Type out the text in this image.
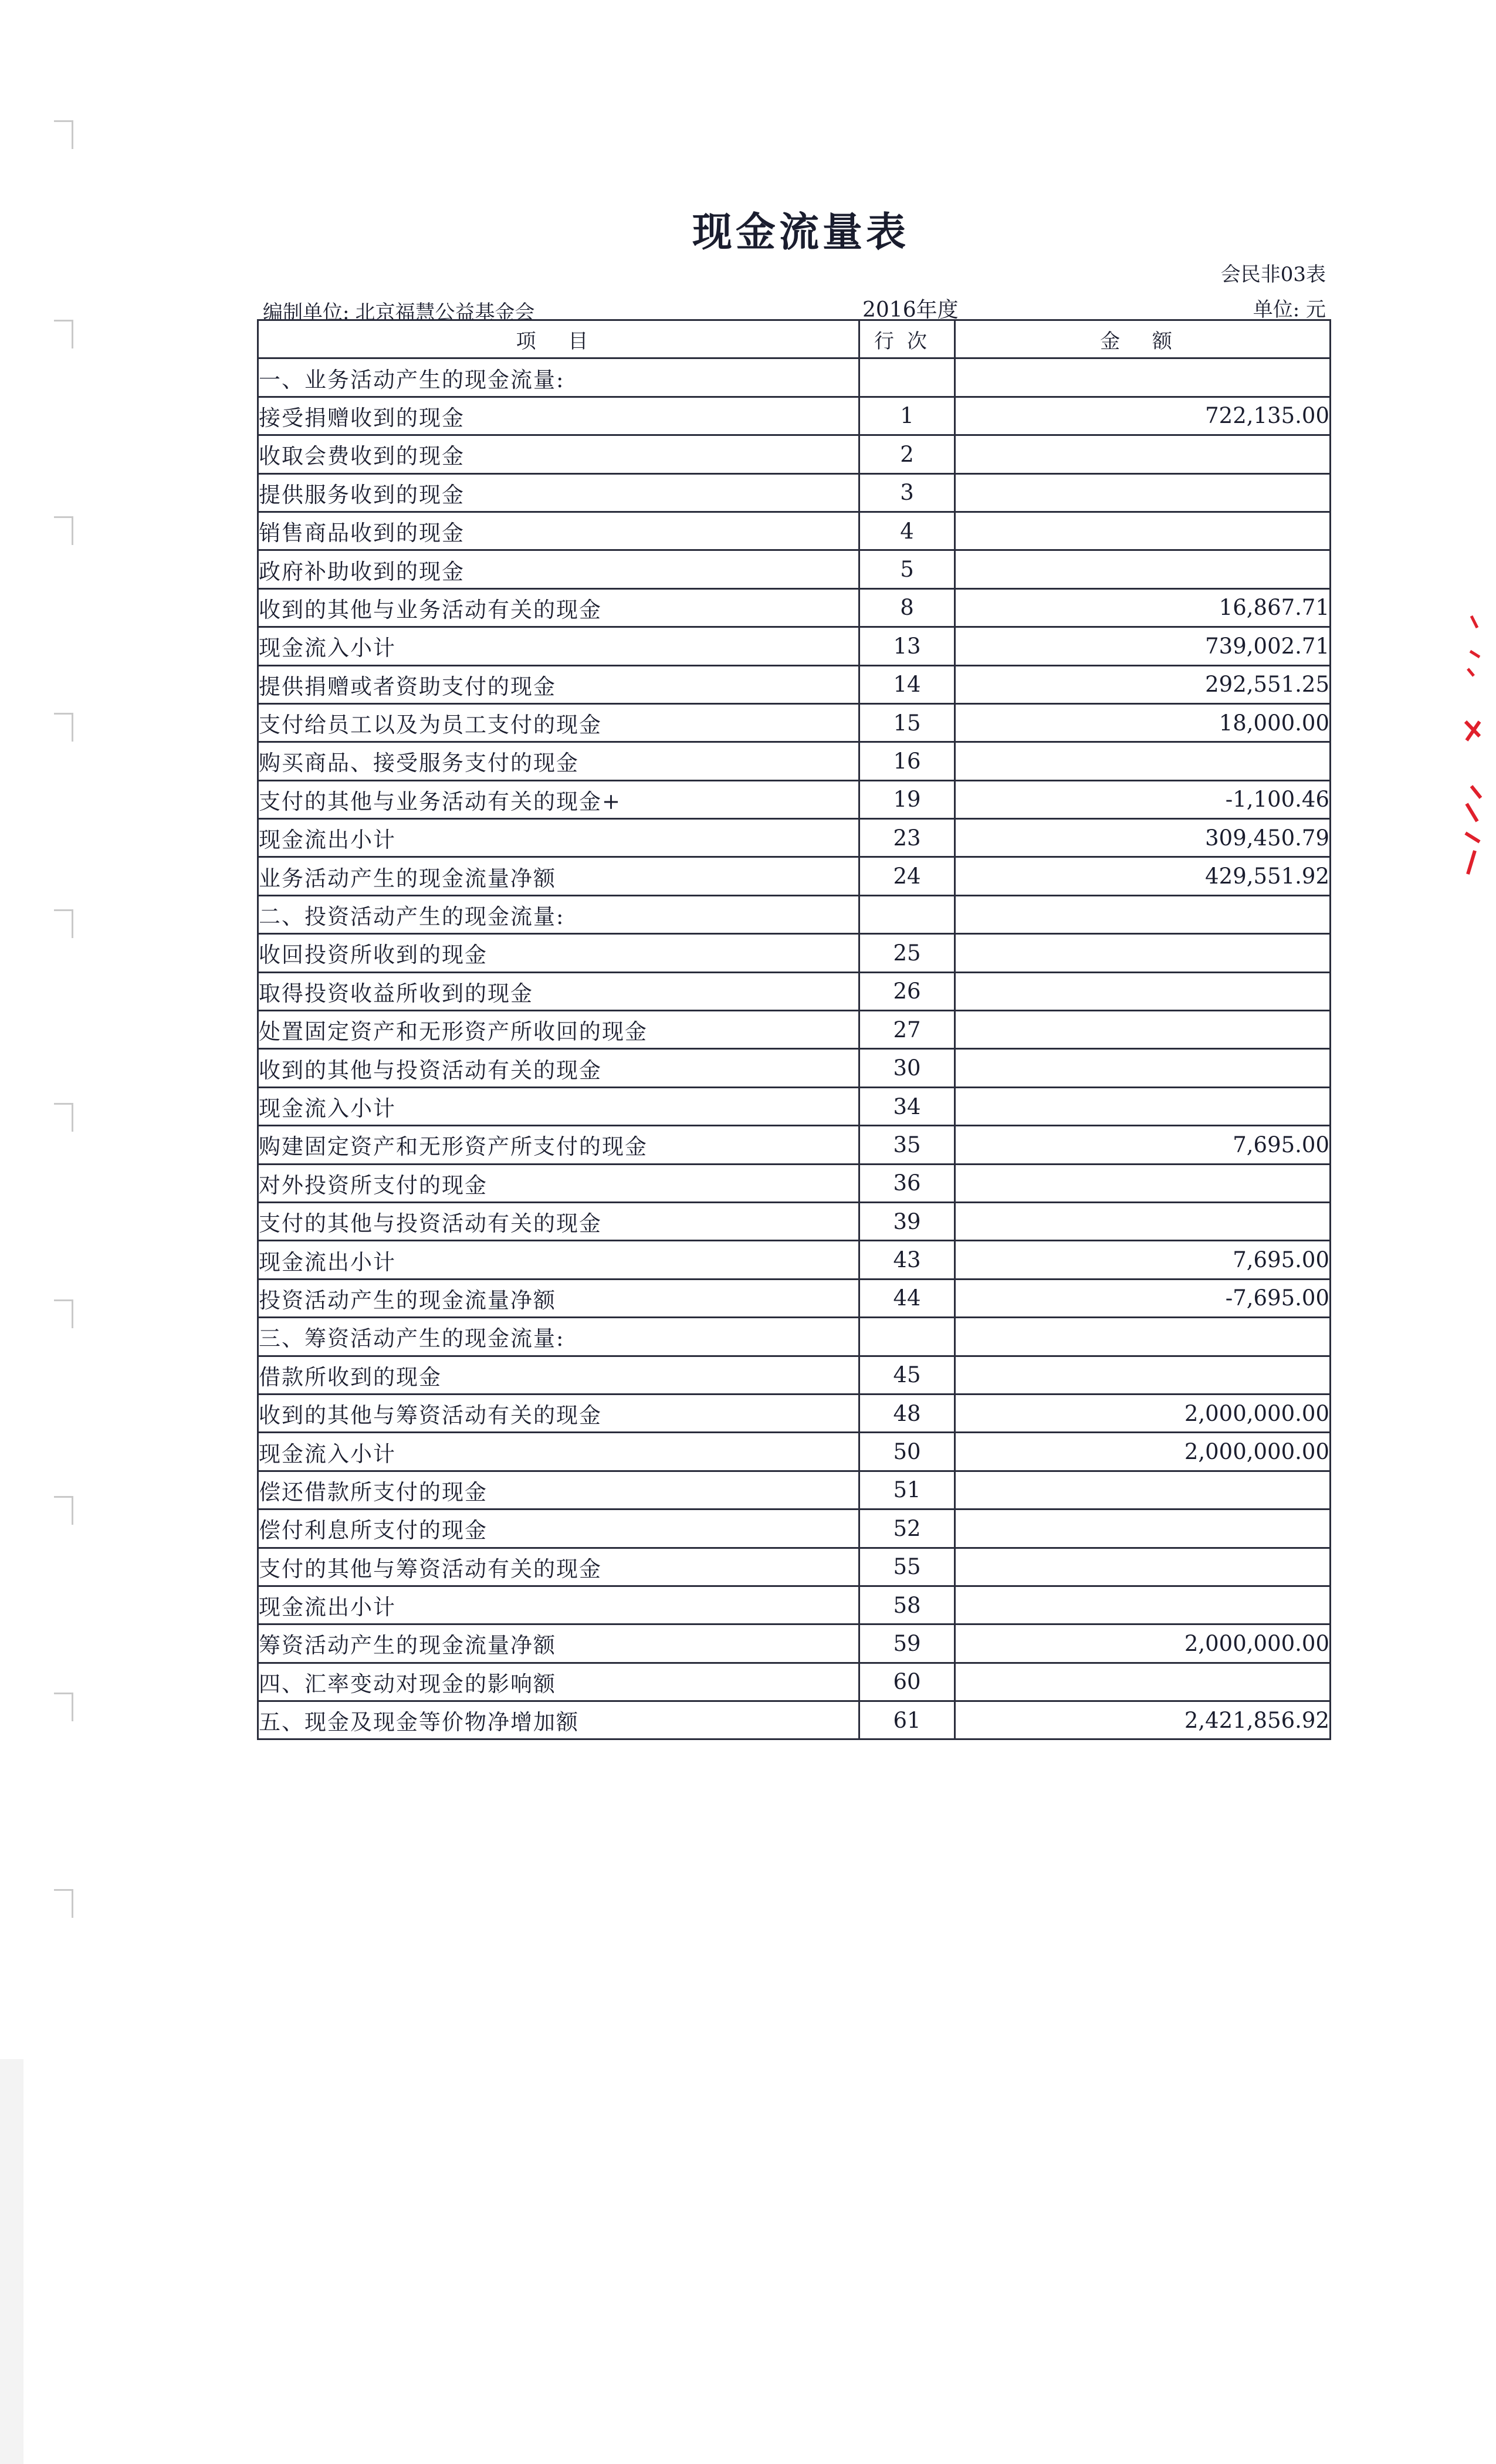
现金流量表
会民非03表
编制单位: 北京福慧公益基金会	2016年度	单位: 元
项 目	行次	金 额
一、业务活动产生的现金流量:		
接受捐赠收到的现金	1	722,135.00
收取会费收到的现金	2	
提供服务收到的现金	3	
销售商品收到的现金	4	
政府补助收到的现金	5	
收到的其他与业务活动有关的现金	8	16,867.71
现金流入小计	13	739,002.71
提供捐赠或者资助支付的现金	14	292,551.25
支付给员工以及为员工支付的现金	15	18,000.00
购买商品、接受服务支付的现金	16	
支付的其他与业务活动有关的现金+	19	-1,100.46
现金流出小计	23	309,450.79
业务活动产生的现金流量净额	24	429,551.92
二、投资活动产生的现金流量:		
收回投资所收到的现金	25	
取得投资收益所收到的现金	26	
处置固定资产和无形资产所收回的现金	27	
收到的其他与投资活动有关的现金	30	
现金流入小计	34	
购建固定资产和无形资产所支付的现金	35	7,695.00
对外投资所支付的现金	36	
支付的其他与投资活动有关的现金	39	
现金流出小计	43	7,695.00
投资活动产生的现金流量净额	44	-7,695.00
三、筹资活动产生的现金流量:		
借款所收到的现金	45	
收到的其他与筹资活动有关的现金	48	2,000,000.00
现金流入小计	50	2,000,000.00
偿还借款所支付的现金	51	
偿付利息所支付的现金	52	
支付的其他与筹资活动有关的现金	55	
现金流出小计	58	
筹资活动产生的现金流量净额	59	2,000,000.00
四、汇率变动对现金的影响额	60	
五、现金及现金等价物净增加额	61	2,421,856.92
